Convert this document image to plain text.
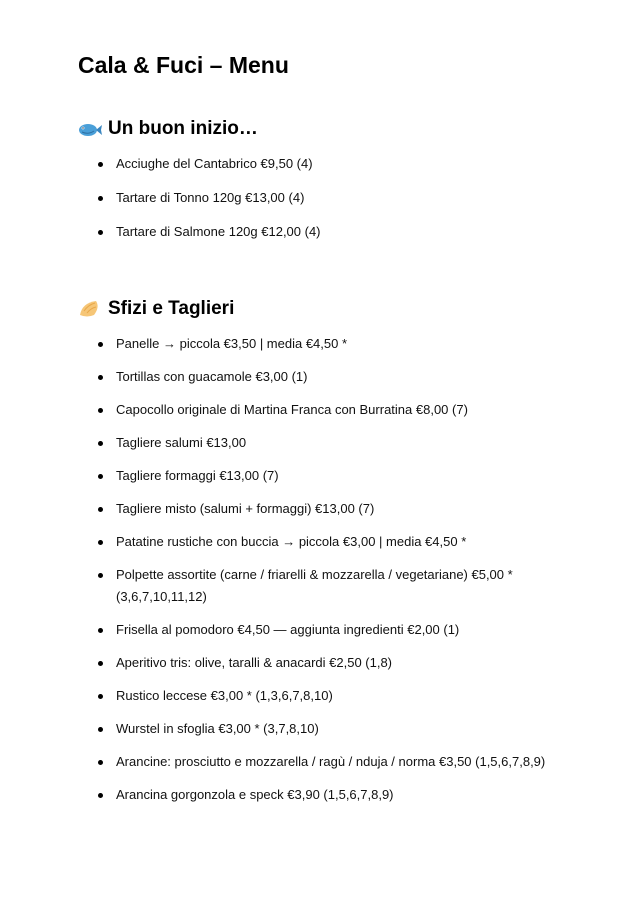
Cala & Fuci – Menu
Un buon inizio…
Acciughe del Cantabrico €9,50 (4)
Tartare di Tonno 120g €13,00 (4)
Tartare di Salmone 120g €12,00 (4)
Sfizi e Taglieri
Panelle → piccola €3,50 | media €4,50 *
Tortillas con guacamole €3,00 (1)
Capocollo originale di Martina Franca con Burratina €8,00 (7)
Tagliere salumi €13,00
Tagliere formaggi €13,00 (7)
Tagliere misto (salumi + formaggi) €13,00 (7)
Patatine rustiche con buccia → piccola €3,00 | media €4,50 *
Polpette assortite (carne / friarelli & mozzarella / vegetariane) €5,00 * (3,6,7,10,11,12)
Frisella al pomodoro €4,50 — aggiunta ingredienti €2,00 (1)
Aperitivo tris: olive, taralli & anacardi €2,50 (1,8)
Rustico leccese €3,00 * (1,3,6,7,8,10)
Wurstel in sfoglia €3,00 * (3,7,8,10)
Arancine: prosciutto e mozzarella / ragù / nduja / norma €3,50 (1,5,6,7,8,9)
Arancina gorgonzola e speck €3,90 (1,5,6,7,8,9)
